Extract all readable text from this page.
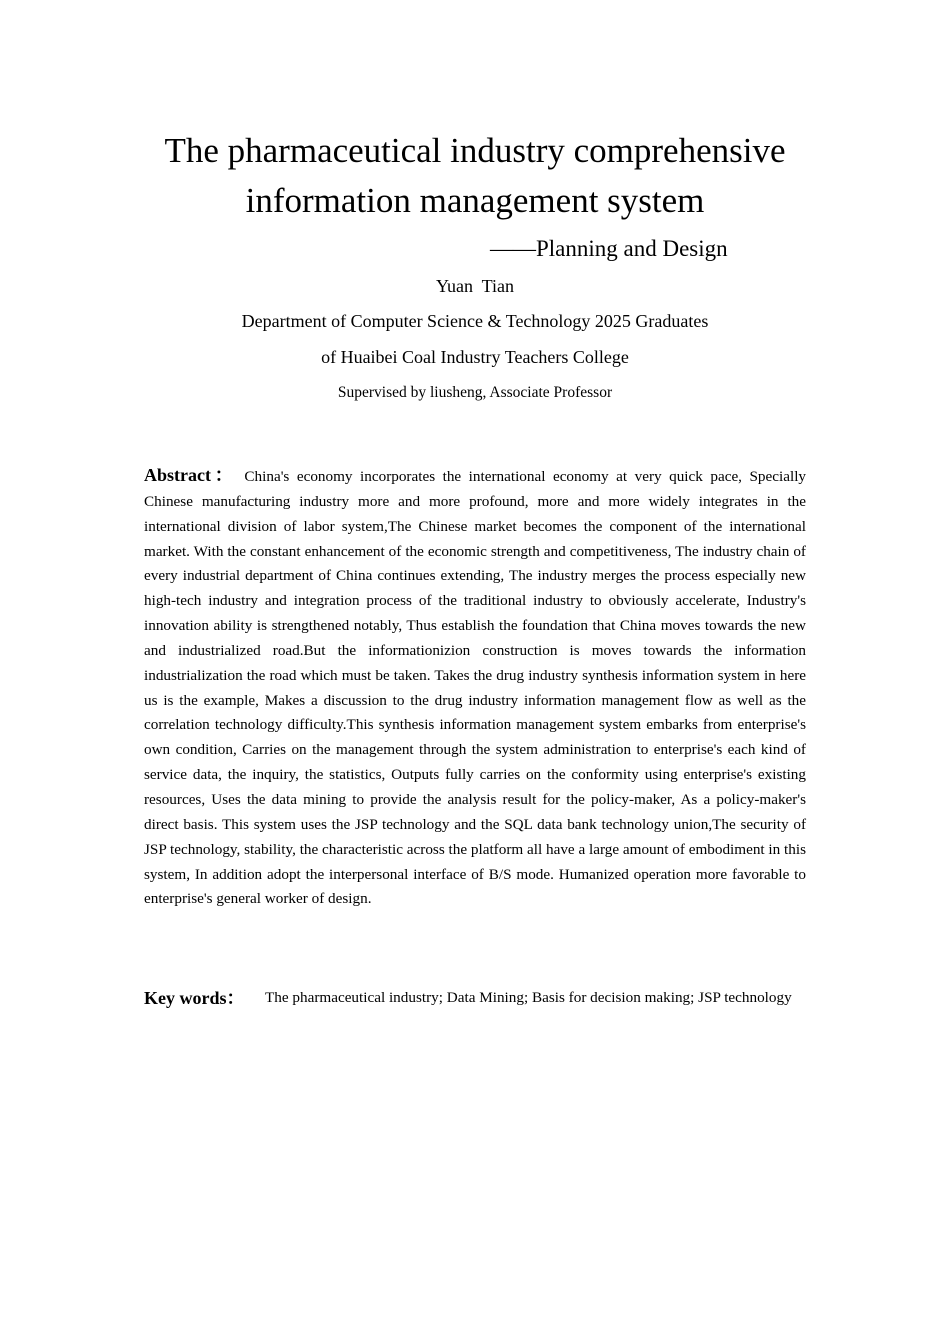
The pharmaceutical industry comprehensive
information management system
——Planning and Design
Yuan  Tian
Department of Computer Science & Technology 2025 Graduates
of Huaibei Coal Industry Teachers College
Supervised by liusheng, Associate Professor

Abstract： China's economy incorporates the international economy at very quick pace, Specially Chinese manufacturing industry more and more profound, more and more widely integrates in the international division of labor system,The Chinese market becomes the component of the international market. With the constant enhancement of the economic strength and competitiveness, The industry chain of every industrial department of China continues extending, The industry merges the process especially new high-tech industry and integration process of the traditional industry to obviously accelerate, Industry's innovation ability is strengthened notably, Thus establish the foundation that China moves towards the new and industrialized road.But the informationizion construction is moves towards the information industrialization the road which must be taken. Takes the drug industry synthesis information system in here us is the example, Makes a discussion to the drug industry information management flow as well as the correlation technology difficulty.This synthesis information management system embarks from enterprise's own condition, Carries on the management through the system administration to enterprise's each kind of service data, the inquiry, the statistics, Outputs fully carries on the conformity using enterprise's existing resources, Uses the data mining to provide the analysis result for the policy-maker, As a policy-maker's direct basis. This system uses the JSP technology and the SQL data bank technology union,The security of JSP technology, stability, the characteristic across the platform all have a large amount of embodiment in this system, In addition adopt the interpersonal interface of B/S mode. Humanized operation more favorable to enterprise's general worker of design.

Key words：	The pharmaceutical industry; Data Mining; Basis for decision making; JSP technology
